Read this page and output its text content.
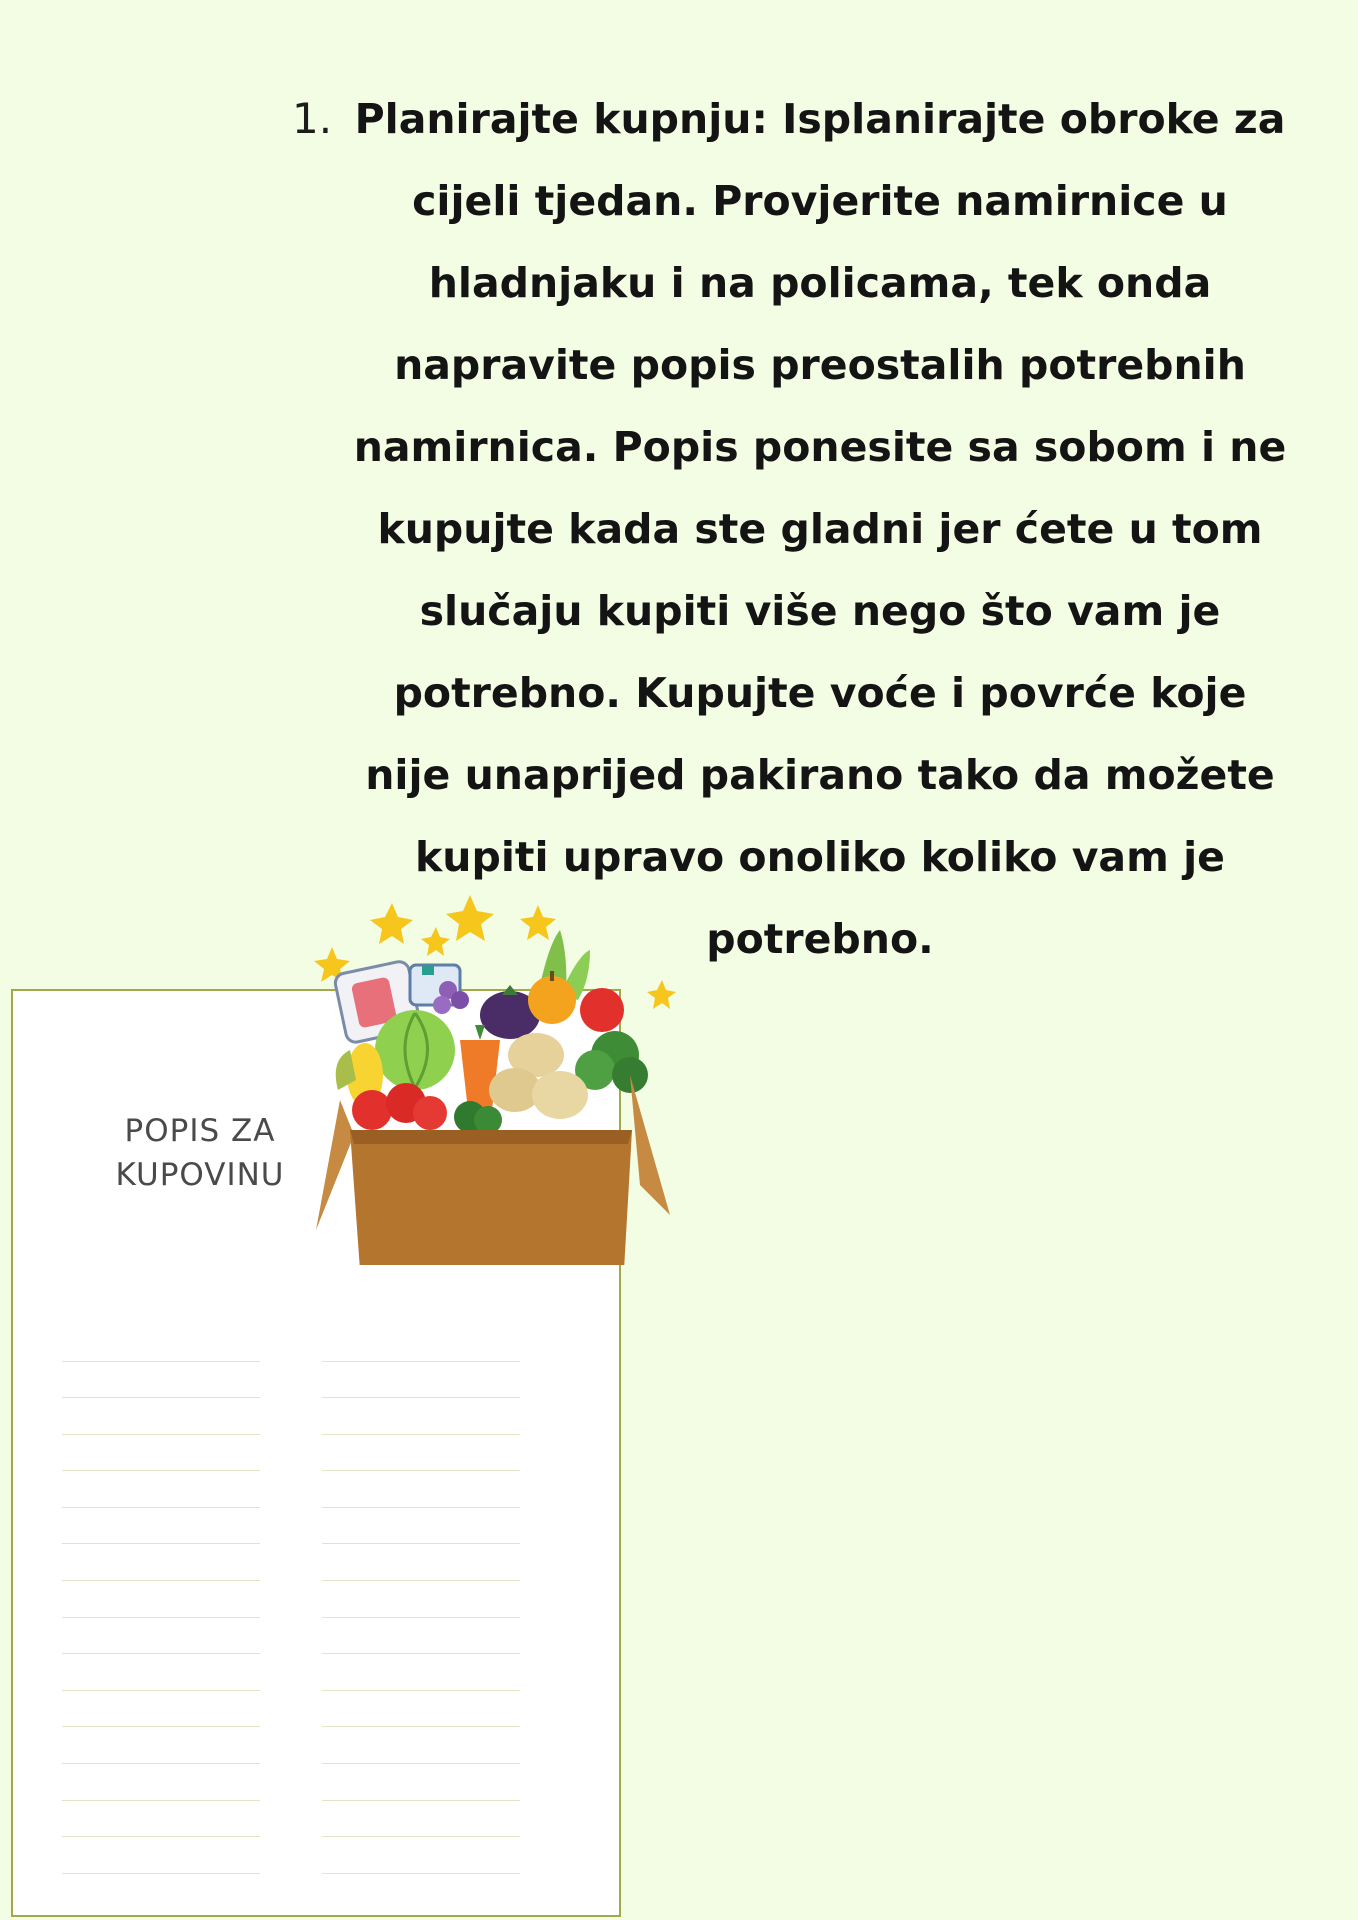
1. Planirajte kupnju: Isplanirajte obroke za cijeli tjedan. Provjerite namirnice u hladnjaku i na policama, tek onda napravite popis preostalih potrebnih namirnica. Popis ponesite sa sobom i ne kupujte kada ste gladni jer ćete u tom slučaju kupiti više nego što vam je potrebno. Kupujte voće i povrće koje nije unaprijed pakirano tako da možete kupiti upravo onoliko koliko vam je potrebno.

POPIS ZA
KUPOVINU
